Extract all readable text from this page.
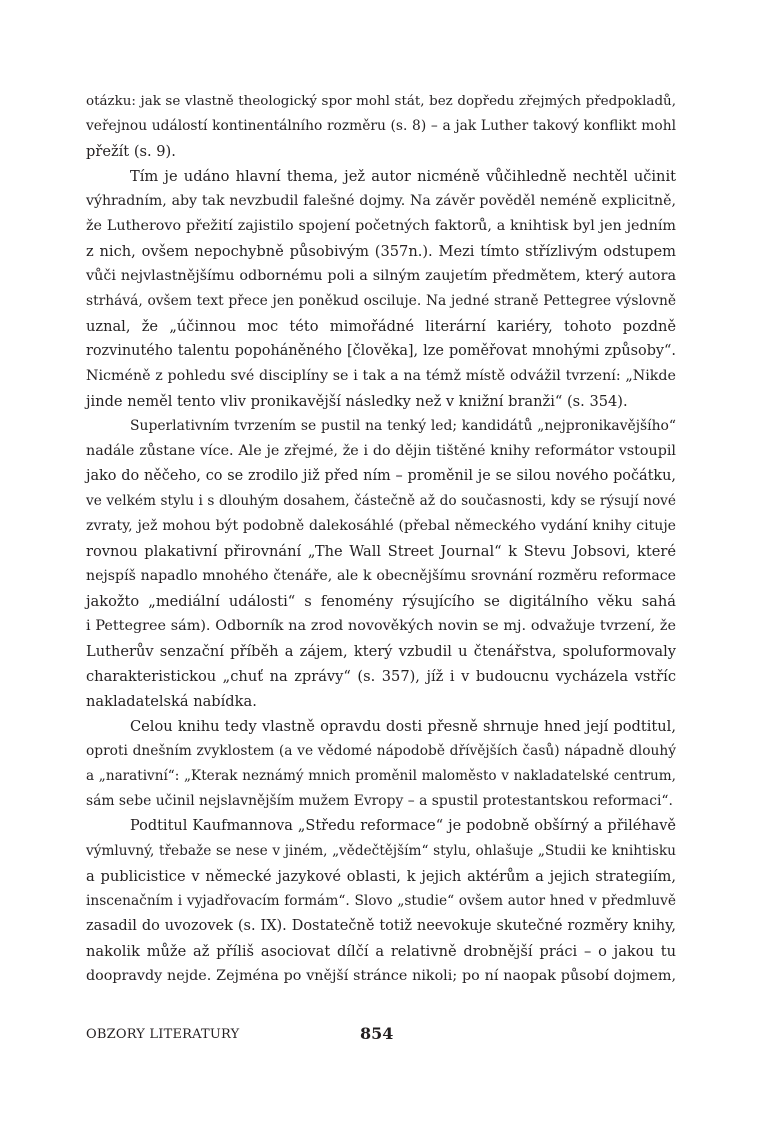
otázku: jak se vlastně theologický spor mohl stát, bez dopředu zřejmých předpokladů,
veřejnou událostí kontinentálního rozměru (s. 8) – a jak Luther takový konflikt mohl
přežít (s. 9).

Tím je udáno hlavní thema, jež autor nicméně vůčihledně nechtěl učinit
výhradním, aby tak nevzbudil falešné dojmy. Na závěr pověděl neméně explicitně,
že Lutherovo přežití zajistilo spojení početných faktorů, a knihtisk byl jen jedním
z nich, ovšem nepochybně působivým (357n.). Mezi tímto střízlivým odstupem
vůči nejvlastnějšímu odbornému poli a silným zaujetím předmětem, který autora
strhává, ovšem text přece jen poněkud osciluje. Na jedné straně Pettegree výslovně
uznal, že „účinnou moc této mimořádné literární kariéry, tohoto pozdně
rozvinutého talentu popoháněného [člověka], lze poměřovat mnohými způsoby“.
Nicméně z pohledu své disciplíny se i tak a na témž místě odvážil tvrzení: „Nikde
jinde neměl tento vliv pronikavější následky než v knižní branži“ (s. 354).

Superlativním tvrzením se pustil na tenký led; kandidátů „nejpronikavějšího“
nadále zůstane více. Ale je zřejmé, že i do dějin tištěné knihy reformátor vstoupil
jako do něčeho, co se zrodilo již před ním – proměnil je se silou nového počátku,
ve velkém stylu i s dlouhým dosahem, částečně až do současnosti, kdy se rýsují nové
zvraty, jež mohou být podobně dalekosáhlé (přebal německého vydání knihy cituje
rovnou plakativní přirovnání „The Wall Street Journal“ k Stevu Jobsovi, které
nejspíš napadlo mnohého čtenáře, ale k obecnějšímu srovnání rozměru reformace
jakožto „mediální události“ s fenomény rýsujícího se digitálního věku sahá
i Pettegree sám). Odborník na zrod novověkých novin se mj. odvažuje tvrzení, že
Lutherův senzační příběh a zájem, který vzbudil u čtenářstva, spoluformovaly
charakteristickou „chuť na zprávy“ (s. 357), jíž i v budoucnu vycházela vstříc
nakladatelská nabídka.

Celou knihu tedy vlastně opravdu dosti přesně shrnuje hned její podtitul,
oproti dnešním zvyklostem (a ve vědomé nápodobě dřívějších časů) nápadně dlouhý
a „narativní“: „Kterak neznámý mnich proměnil maloměsto v nakladatelské centrum,
sám sebe učinil nejslavnějším mužem Evropy – a spustil protestantskou reformaci“.

Podtitul Kaufmannova „Středu reformace“ je podobně obšírný a přiléhavě
výmluvný, třebaže se nese v jiném, „vědečtějším“ stylu, ohlašuje „Studii ke knihtisku
a publicistice v německé jazykové oblasti, k jejich aktérům a jejich strategiím,
inscenačním i vyjadřovacím formám“. Slovo „studie“ ovšem autor hned v předmluvě
zasadil do uvozovek (s. IX). Dostatečně totiž neevokuje skutečné rozměry knihy,
nakolik může až příliš asociovat dílčí a relativně drobnější práci – o jakou tu
doopravdy nejde. Zejména po vnější stránce nikoli; po ní naopak působí dojmem,

OBZORY LITERATURY	854
